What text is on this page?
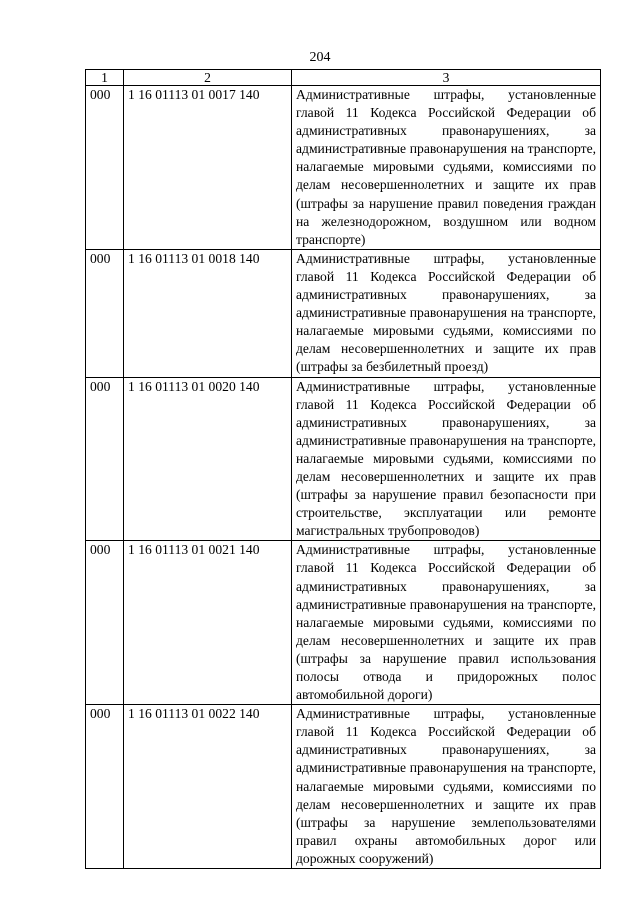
204
1	2	3
000	1 16 01113 01 0017 140	Административные штрафы, установленные главой 11 Кодекса Российской Федерации об административных правонарушениях, за административные правонарушения на транспорте, налагаемые мировыми судьями, комиссиями по делам несовершеннолетних и защите их прав (штрафы за нарушение правил поведения граждан на железнодорожном, воздушном или водном транспорте)
000	1 16 01113 01 0018 140	Административные штрафы, установленные главой 11 Кодекса Российской Федерации об административных правонарушениях, за административные правонарушения на транспорте, налагаемые мировыми судьями, комиссиями по делам несовершеннолетних и защите их прав (штрафы за безбилетный проезд)
000	1 16 01113 01 0020 140	Административные штрафы, установленные главой 11 Кодекса Российской Федерации об административных правонарушениях, за административные правонарушения на транспорте, налагаемые мировыми судьями, комиссиями по делам несовершеннолетних и защите их прав (штрафы за нарушение правил безопасности при строительстве, эксплуатации или ремонте магистральных трубопроводов)
000	1 16 01113 01 0021 140	Административные штрафы, установленные главой 11 Кодекса Российской Федерации об административных правонарушениях, за административные правонарушения на транспорте, налагаемые мировыми судьями, комиссиями по делам несовершеннолетних и защите их прав (штрафы за нарушение правил использования полосы отвода и придорожных полос автомобильной дороги)
000	1 16 01113 01 0022 140	Административные штрафы, установленные главой 11 Кодекса Российской Федерации об административных правонарушениях, за административные правонарушения на транспорте, налагаемые мировыми судьями, комиссиями по делам несовершеннолетних и защите их прав (штрафы за нарушение землепользователями правил охраны автомобильных дорог или дорожных сооружений)
